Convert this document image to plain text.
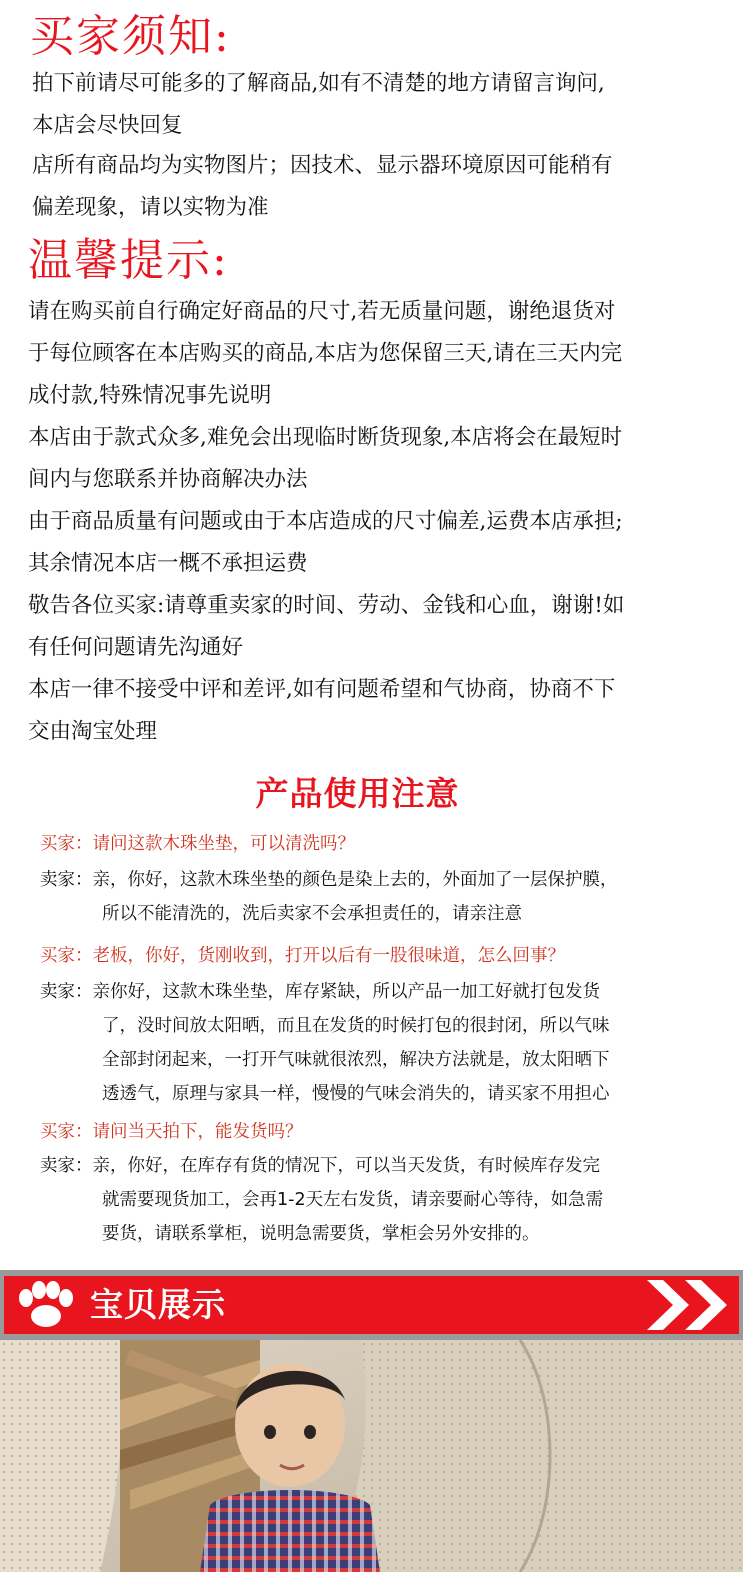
买家须知:
拍下前请尽可能多的了解商品,如有不清楚的地方请留言询问,
本店会尽快回复
店所有商品均为实物图片；因技术、显示器环境原因可能稍有
偏差现象，请以实物为准
温馨提示:
请在购买前自行确定好商品的尺寸,若无质量问题，谢绝退货对
于每位顾客在本店购买的商品,本店为您保留三天,请在三天内完
成付款,特殊情况事先说明
本店由于款式众多,难免会出现临时断货现象,本店将会在最短时
间内与您联系并协商解决办法
由于商品质量有问题或由于本店造成的尺寸偏差,运费本店承担;
其余情况本店一概不承担运费
敬告各位买家:请尊重卖家的时间、劳动、金钱和心血，谢谢!如
有任何问题请先沟通好
本店一律不接受中评和差评,如有问题希望和气协商，协商不下
交由淘宝处理
产品使用注意
买家：请问这款木珠坐垫，可以清洗吗？
卖家：亲，你好，这款木珠坐垫的颜色是染上去的，外面加了一层保护膜，
所以不能清洗的，洗后卖家不会承担责任的，请亲注意
买家：老板，你好，货刚收到，打开以后有一股很味道，怎么回事？
卖家：亲你好，这款木珠坐垫，库存紧缺，所以产品一加工好就打包发货
了，没时间放太阳晒，而且在发货的时候打包的很封闭，所以气味
全部封闭起来，一打开气味就很浓烈，解决方法就是，放太阳晒下
透透气，原理与家具一样，慢慢的气味会消失的，请买家不用担心
买家：请问当天拍下，能发货吗？
卖家：亲，你好，在库存有货的情况下，可以当天发货，有时候库存发完
就需要现货加工，会再1-2天左右发货，请亲要耐心等待，如急需
要货，请联系掌柜，说明急需要货，掌柜会另外安排的。
宝贝展示
